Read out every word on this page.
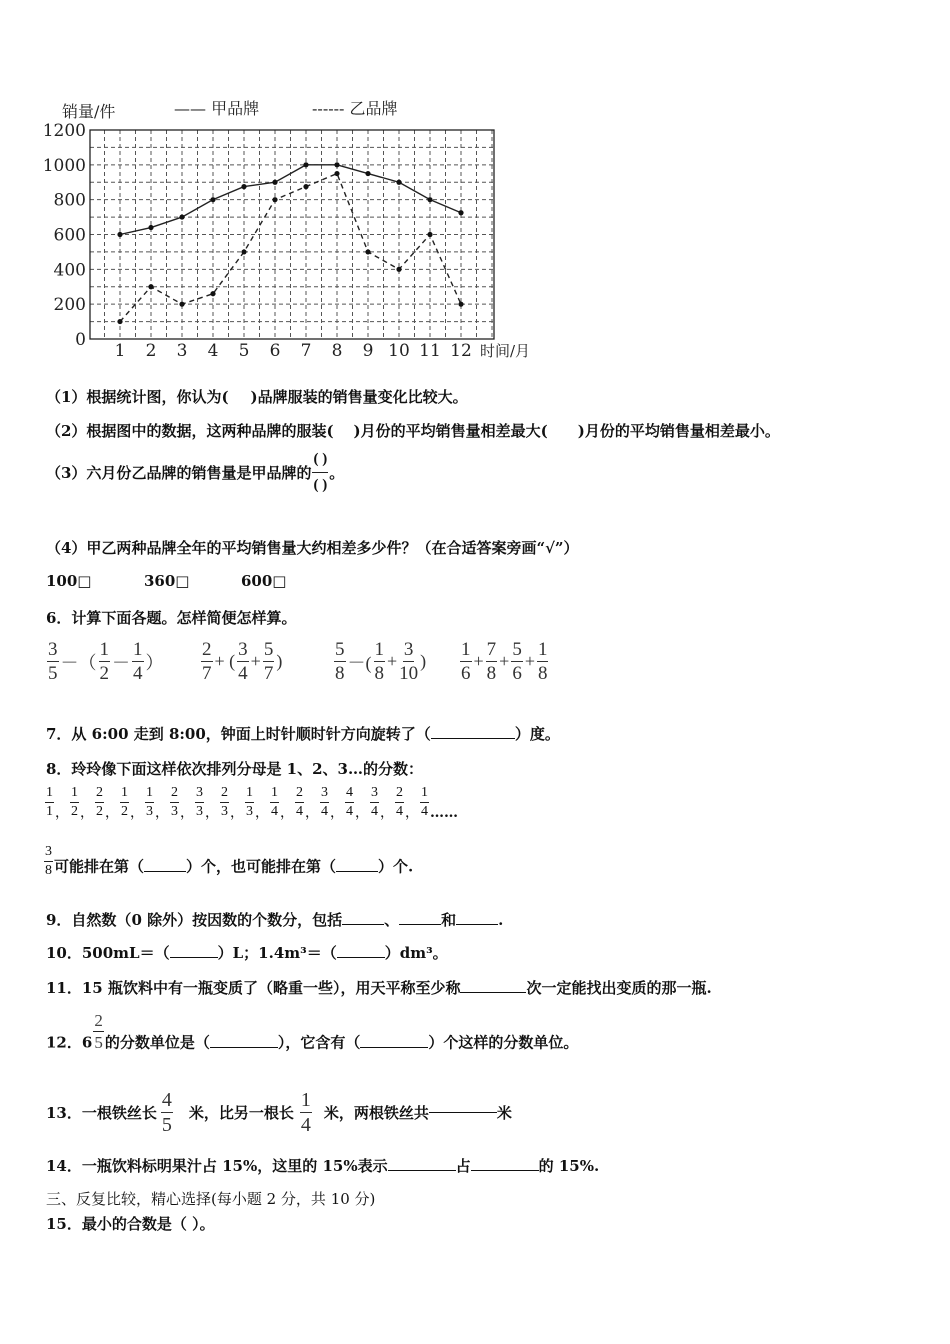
0
200
400
600
800
1000
1200
1 2 3 4 5 6 7 8 9 10 11 12 时间/月
销量/件	—— 甲品牌	------ 乙品牌
（1）根据统计图，你认为( )品牌服装的销售量变化比较大。
（2）根据图中的数据，这两种品牌的服装( )月份的平均销售量相差最大( )月份的平均销售量相差最小。
（3）六月份乙品牌的销售量是甲品牌的 $\frac{( )}{( )}$ 。
（4）甲乙两种品牌全年的平均销售量大约相差多少件？（在合适答案旁画“√”）
100□	360□	600□
6．计算下面各题。怎样简便怎样算。
$\frac{3}{5}$ －（ $\frac{1}{2} - \frac{1}{4}$ ） $\frac{2}{7}$ + ( $\frac{3}{4} + \frac{5}{7}$ )	$\frac{5}{8}$ －( $\frac{1}{8} + \frac{3}{10}$ ) $\frac{1}{6} + \frac{7}{8} + \frac{5}{6} + \frac{1}{8}$
7．从 6:00 走到 8:00，钟面上时针顺时针方向旋转了（	）度。
8．玲玲像下面这样依次排列分母是 1、2、3…的分数：
$\frac{1}{1}$ ， $\frac{1}{2}$ ， $\frac{2}{2}$ ， $\frac{1}{2}$ ， $\frac{1}{3}$ ， $\frac{2}{3}$ ， $\frac{3}{3}$ ， $\frac{2}{3}$ ， $\frac{1}{3}$ ， $\frac{1}{4}$ ， $\frac{2}{4}$ ， $\frac{3}{4}$ ， $\frac{4}{4}$ ， $\frac{3}{4}$ ， $\frac{2}{4}$ ， $\frac{1}{4}$ ……
$\frac{3}{8}$ 可能排在第（	）个，也可能排在第（	）个.
9．自然数（0 除外）按因数的个数分，包括	、	和	.
10．500mL＝（	）L；1.4m³＝（	）dm³。
11．15 瓶饮料中有一瓶变质了（略重一些），用天平称至少称	次一定能找出变质的那一瓶.
12．$6 \frac{2}{5}$ 的分数单位是（	），它含有（	）个这样的分数单位。
13．一根铁丝长 $\frac{4}{5}$ 米，比另一根长 $\frac{1}{4}$ 米，两根铁丝共	米
14．一瓶饮料标明果汁占 15%，这里的 15%表示	占	的 15%.
三、反复比较，精心选择(每小题 2 分，共 10 分)
15．最小的合数是（ ）。
